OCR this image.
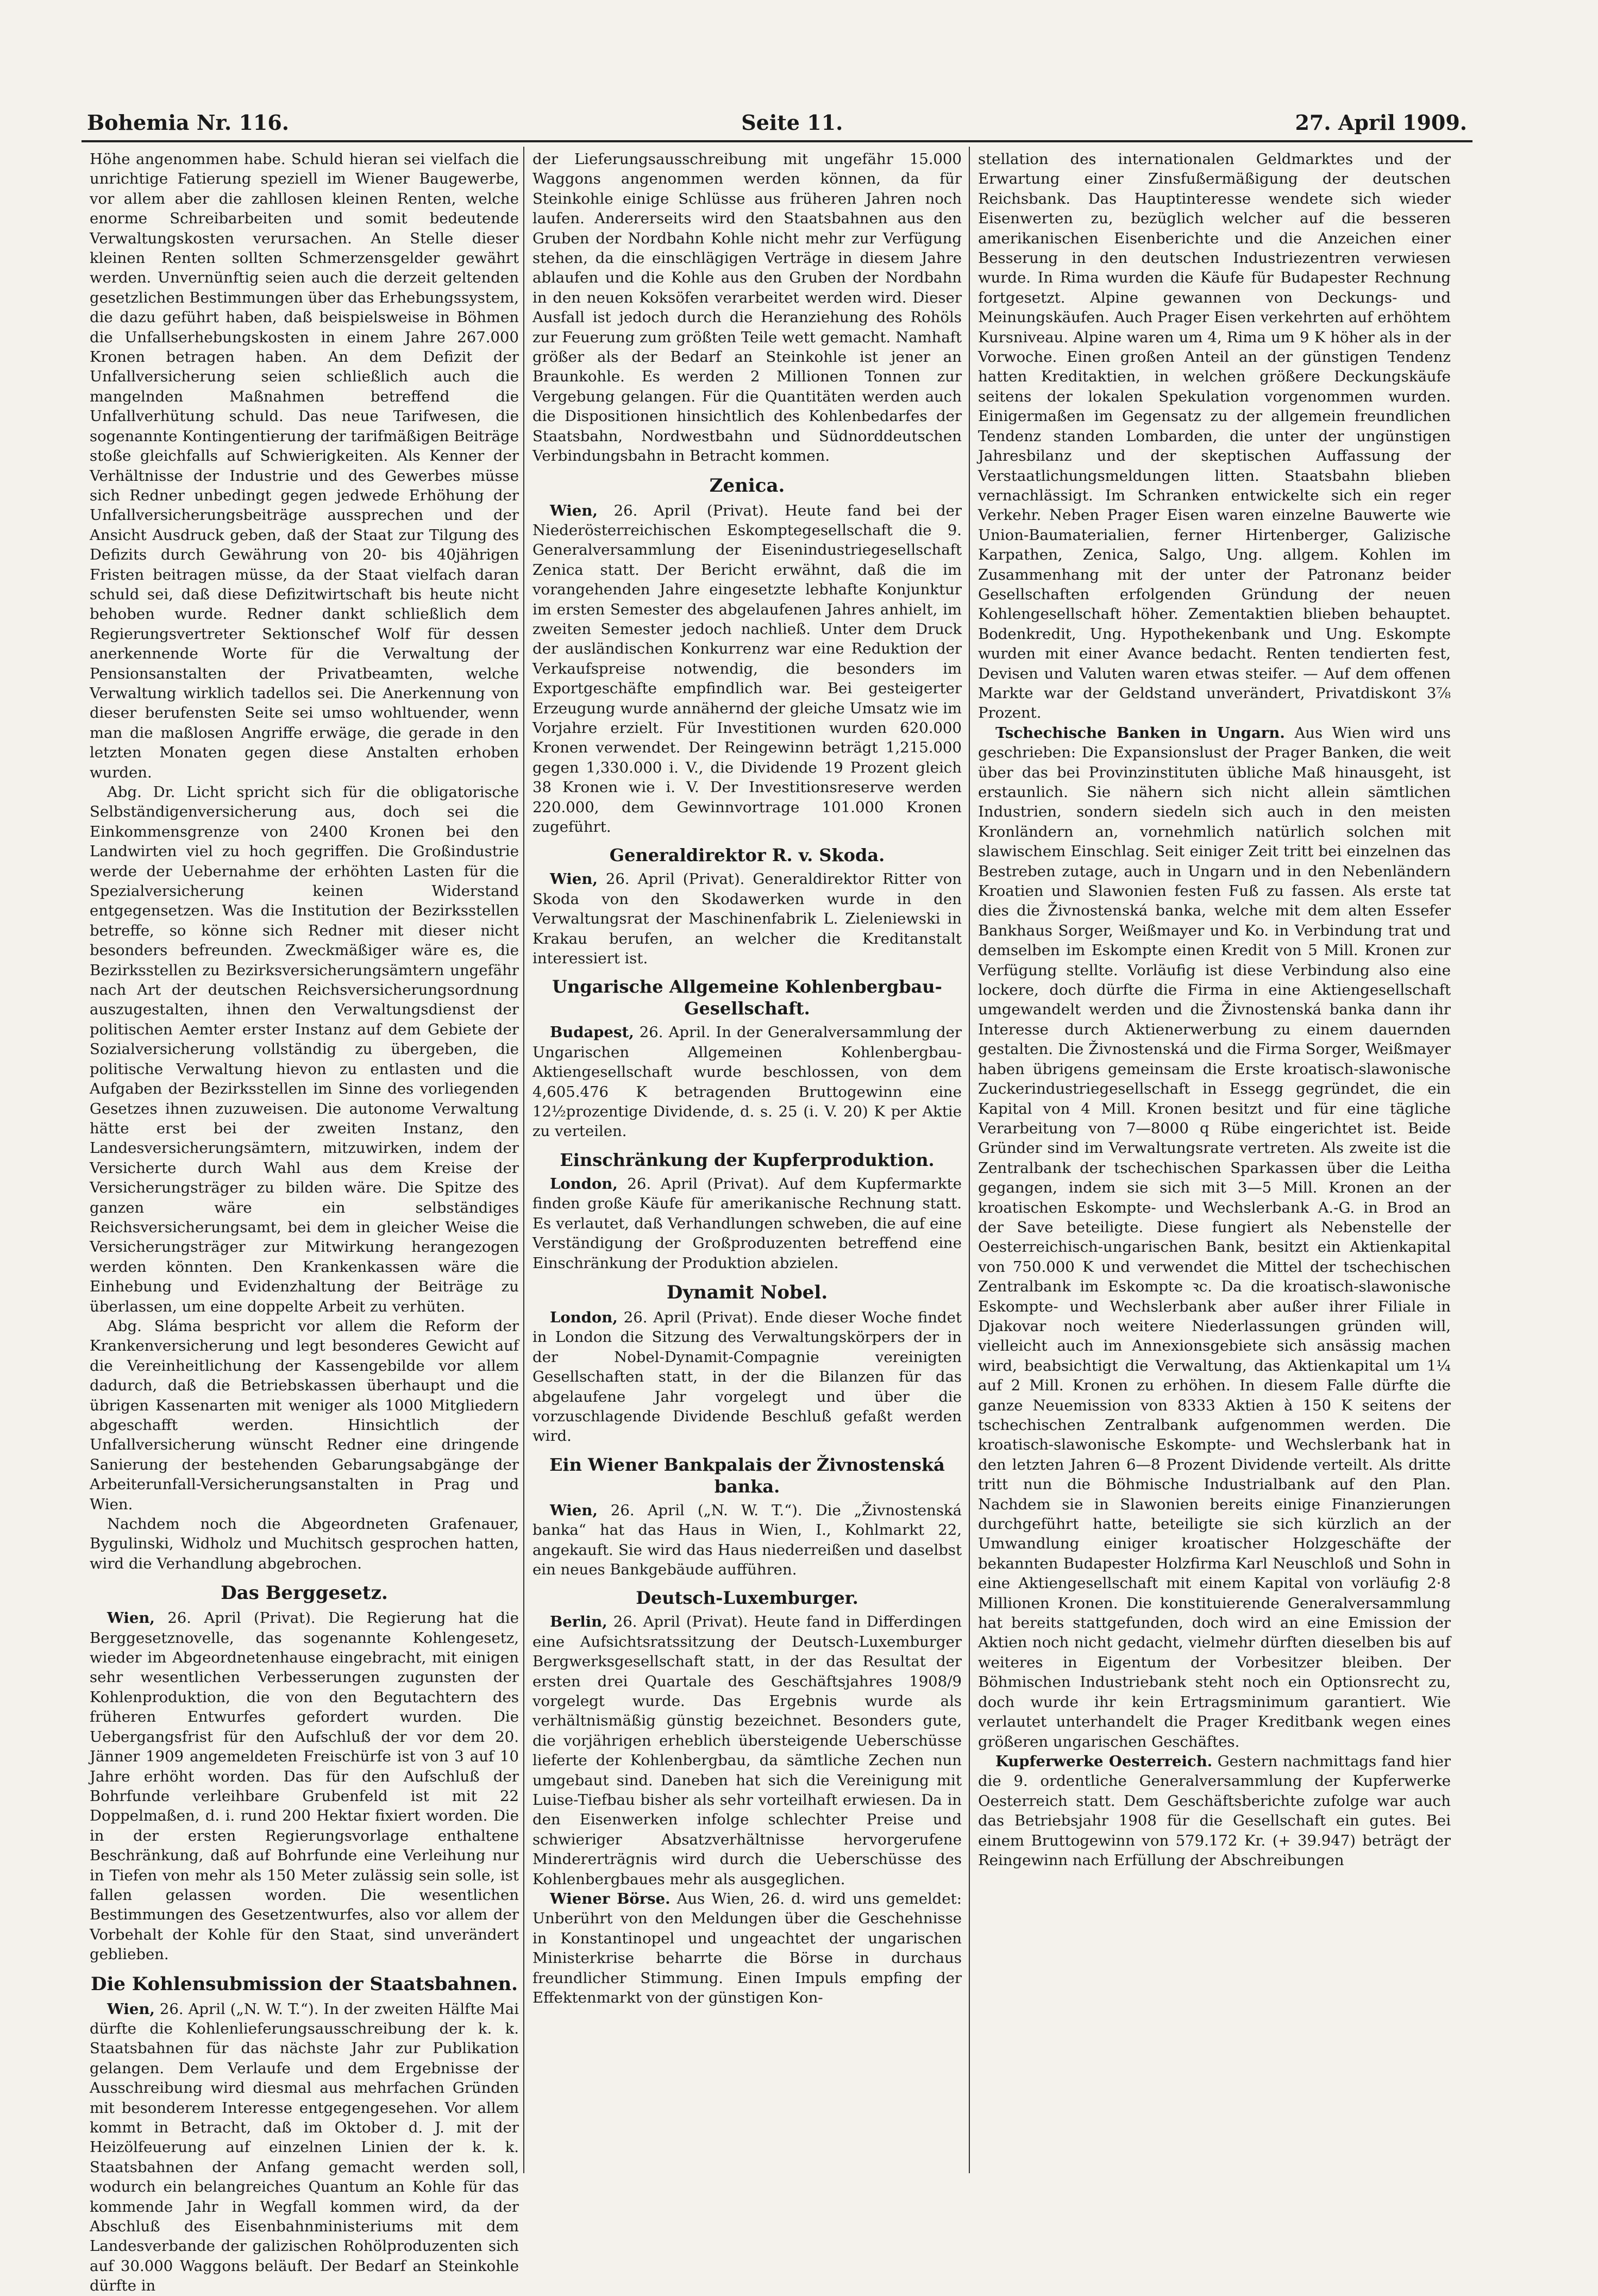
Bohemia Nr. 116.	Seite 11.	27. April 1909.

Höhe angenommen habe. Schuld hieran sei vielfach die unrichtige Fatierung speziell im Wiener Baugewerbe, vor allem aber die zahllosen kleinen Renten, welche enorme Schreibarbeiten und somit bedeutende Verwaltungskosten verursachen. An Stelle dieser kleinen Renten sollten Schmerzensgelder gewährt werden. Unvernünftig seien auch die derzeit geltenden gesetzlichen Bestimmungen über das Erhebungssystem, die dazu geführt haben, daß beispielsweise in Böhmen die Unfallserhebungskosten in einem Jahre 267.000 Kronen betragen haben. An dem Defizit der Unfallversicherung seien schließlich auch die mangelnden Maßnahmen betreffend die Unfallverhütung schuld. Das neue Tarifwesen, die sogenannte Kontingentierung der tarifmäßigen Beiträge stoße gleichfalls auf Schwierigkeiten. Als Kenner der Verhältnisse der Industrie und des Gewerbes müsse sich Redner unbedingt gegen jedwede Erhöhung der Unfallversicherungsbeiträge aussprechen und der Ansicht Ausdruck geben, daß der Staat zur Tilgung des Defizits durch Gewährung von 20- bis 40jährigen Fristen beitragen müsse, da der Staat vielfach daran schuld sei, daß diese Defizitwirtschaft bis heute nicht behoben wurde. Redner dankt schließlich dem Regierungsvertreter Sektionschef Wolf für dessen anerkennende Worte für die Verwaltung der Pensionsanstalten der Privatbeamten, welche Verwaltung wirklich tadellos sei. Die Anerkennung von dieser berufensten Seite sei umso wohltuender, wenn man die maßlosen Angriffe erwäge, die gerade in den letzten Monaten gegen diese Anstalten erhoben wurden.

Abg. Dr. Licht spricht sich für die obligatorische Selbständigenversicherung aus, doch sei die Einkommensgrenze von 2400 Kronen bei den Landwirten viel zu hoch gegriffen. Die Großindustrie werde der Uebernahme der erhöhten Lasten für die Spezialversicherung keinen Widerstand entgegensetzen. Was die Institution der Bezirksstellen betreffe, so könne sich Redner mit dieser nicht besonders befreunden. Zweckmäßiger wäre es, die Bezirksstellen zu Bezirksversicherungsämtern ungefähr nach Art der deutschen Reichsversicherungsordnung auszugestalten, ihnen den Verwaltungsdienst der politischen Aemter erster Instanz auf dem Gebiete der Sozialversicherung vollständig zu übergeben, die politische Verwaltung hievon zu entlasten und die Aufgaben der Bezirksstellen im Sinne des vorliegenden Gesetzes ihnen zuzuweisen. Die autonome Verwaltung hätte erst bei der zweiten Instanz, den Landesversicherungsämtern, mitzuwirken, indem der Versicherte durch Wahl aus dem Kreise der Versicherungsträger zu bilden wäre. Die Spitze des ganzen wäre ein selbständiges Reichsversicherungsamt, bei dem in gleicher Weise die Versicherungsträger zur Mitwirkung herangezogen werden könnten. Den Krankenkassen wäre die Einhebung und Evidenzhaltung der Beiträge zu überlassen, um eine doppelte Arbeit zu verhüten.

Abg. Sláma bespricht vor allem die Reform der Krankenversicherung und legt besonderes Gewicht auf die Vereinheitlichung der Kassengebilde vor allem dadurch, daß die Betriebskassen überhaupt und die übrigen Kassenarten mit weniger als 1000 Mitgliedern abgeschafft werden. Hinsichtlich der Unfallversicherung wünscht Redner eine dringende Sanierung der bestehenden Gebarungsabgänge der Arbeiterunfall-Versicherungsanstalten in Prag und Wien.

Nachdem noch die Abgeordneten Grafenauer, Bygulinski, Widholz und Muchitsch gesprochen hatten, wird die Verhandlung abgebrochen.

Das Berggesetz.

Wien, 26. April (Privat). Die Regierung hat die Berggesetznovelle, das sogenannte Kohlengesetz, wieder im Abgeordnetenhause eingebracht, mit einigen sehr wesentlichen Verbesserungen zugunsten der Kohlenproduktion, die von den Begutachtern des früheren Entwurfes gefordert wurden. Die Uebergangsfrist für den Aufschluß der vor dem 20. Jänner 1909 angemeldeten Freischürfe ist von 3 auf 10 Jahre erhöht worden. Das für den Aufschluß der Bohrfunde verleihbare Grubenfeld ist mit 22 Doppelmaßen, d. i. rund 200 Hektar fixiert worden. Die in der ersten Regierungsvorlage enthaltene Beschränkung, daß auf Bohrfunde eine Verleihung nur in Tiefen von mehr als 150 Meter zulässig sein solle, ist fallen gelassen worden. Die wesentlichen Bestimmungen des Gesetzentwurfes, also vor allem der Vorbehalt der Kohle für den Staat, sind unverändert geblieben.

Die Kohlensubmission der Staatsbahnen.

Wien, 26. April („N. W. T.“). In der zweiten Hälfte Mai dürfte die Kohlenlieferungsausschreibung der k. k. Staatsbahnen für das nächste Jahr zur Publikation gelangen. Dem Verlaufe und dem Ergebnisse der Ausschreibung wird diesmal aus mehrfachen Gründen mit besonderem Interesse entgegengesehen. Vor allem kommt in Betracht, daß im Oktober d. J. mit der Heizölfeuerung auf einzelnen Linien der k. k. Staatsbahnen der Anfang gemacht werden soll, wodurch ein belangreiches Quantum an Kohle für das kommende Jahr in Wegfall kommen wird, da der Abschluß des Eisenbahnministeriums mit dem Landesverbande der galizischen Rohölproduzenten sich auf 30.000 Waggons beläuft. Der Bedarf an Steinkohle dürfte in

der Lieferungsausschreibung mit ungefähr 15.000 Waggons angenommen werden können, da für Steinkohle einige Schlüsse aus früheren Jahren noch laufen. Andererseits wird den Staatsbahnen aus den Gruben der Nordbahn Kohle nicht mehr zur Verfügung stehen, da die einschlägigen Verträge in diesem Jahre ablaufen und die Kohle aus den Gruben der Nordbahn in den neuen Koksöfen verarbeitet werden wird. Dieser Ausfall ist jedoch durch die Heranziehung des Rohöls zur Feuerung zum größten Teile wett gemacht. Namhaft größer als der Bedarf an Steinkohle ist jener an Braunkohle. Es werden 2 Millionen Tonnen zur Vergebung gelangen. Für die Quantitäten werden auch die Dispositionen hinsichtlich des Kohlenbedarfes der Staatsbahn, Nordwestbahn und Südnorddeutschen Verbindungsbahn in Betracht kommen.

Zenica.

Wien, 26. April (Privat). Heute fand bei der Niederösterreichischen Eskomptegesellschaft die 9. Generalversammlung der Eisenindustriegesellschaft Zenica statt. Der Bericht erwähnt, daß die im vorangehenden Jahre eingesetzte lebhafte Konjunktur im ersten Semester des abgelaufenen Jahres anhielt, im zweiten Semester jedoch nachließ. Unter dem Druck der ausländischen Konkurrenz war eine Reduktion der Verkaufspreise notwendig, die besonders im Exportgeschäfte empfindlich war. Bei gesteigerter Erzeugung wurde annähernd der gleiche Umsatz wie im Vorjahre erzielt. Für Investitionen wurden 620.000 Kronen verwendet. Der Reingewinn beträgt 1,215.000 gegen 1,330.000 i. V., die Dividende 19 Prozent gleich 38 Kronen wie i. V. Der Investitionsreserve werden 220.000, dem Gewinnvortrage 101.000 Kronen zugeführt.

Generaldirektor R. v. Skoda.

Wien, 26. April (Privat). Generaldirektor Ritter von Skoda von den Skodawerken wurde in den Verwaltungsrat der Maschinenfabrik L. Zieleniewski in Krakau berufen, an welcher die Kreditanstalt interessiert ist.

Ungarische Allgemeine Kohlenbergbau-Gesellschaft.

Budapest, 26. April. In der Generalversammlung der Ungarischen Allgemeinen Kohlenbergbau-Aktiengesellschaft wurde beschlossen, von dem 4,605.476 K betragenden Bruttogewinn eine 12½prozentige Dividende, d. s. 25 (i. V. 20) K per Aktie zu verteilen.

Einschränkung der Kupferproduktion.

London, 26. April (Privat). Auf dem Kupfermarkte finden große Käufe für amerikanische Rechnung statt. Es verlautet, daß Verhandlungen schweben, die auf eine Verständigung der Großproduzenten betreffend eine Einschränkung der Produktion abzielen.

Dynamit Nobel.

London, 26. April (Privat). Ende dieser Woche findet in London die Sitzung des Verwaltungskörpers der in der Nobel-Dynamit-Compagnie vereinigten Gesellschaften statt, in der die Bilanzen für das abgelaufene Jahr vorgelegt und über die vorzuschlagende Dividende Beschluß gefaßt werden wird.

Ein Wiener Bankpalais der Živnostenská banka.

Wien, 26. April („N. W. T.“). Die „Živnostenská banka“ hat das Haus in Wien, I., Kohlmarkt 22, angekauft. Sie wird das Haus niederreißen und daselbst ein neues Bankgebäude aufführen.

Deutsch-Luxemburger.

Berlin, 26. April (Privat). Heute fand in Differdingen eine Aufsichtsratssitzung der Deutsch-Luxemburger Bergwerksgesellschaft statt, in der das Resultat der ersten drei Quartale des Geschäftsjahres 1908/9 vorgelegt wurde. Das Ergebnis wurde als verhältnismäßig günstig bezeichnet. Besonders gute, die vorjährigen erheblich übersteigende Ueberschüsse lieferte der Kohlenbergbau, da sämtliche Zechen nun umgebaut sind. Daneben hat sich die Vereinigung mit Luise-Tiefbau bisher als sehr vorteilhaft erwiesen. Da in den Eisenwerken infolge schlechter Preise und schwieriger Absatzverhältnisse hervorgerufene Mindererträgnis wird durch die Ueberschüsse des Kohlenbergbaues mehr als ausgeglichen.

Wiener Börse. Aus Wien, 26. d. wird uns gemeldet: Unberührt von den Meldungen über die Geschehnisse in Konstantinopel und ungeachtet der ungarischen Ministerkrise beharrte die Börse in durchaus freundlicher Stimmung. Einen Impuls empfing der Effektenmarkt von der günstigen Kon-

stellation des internationalen Geldmarktes und der Erwartung einer Zinsfußermäßigung der deutschen Reichsbank. Das Hauptinteresse wendete sich wieder Eisenwerten zu, bezüglich welcher auf die besseren amerikanischen Eisenberichte und die Anzeichen einer Besserung in den deutschen Industriezentren verwiesen wurde. In Rima wurden die Käufe für Budapester Rechnung fortgesetzt. Alpine gewannen von Deckungs- und Meinungskäufen. Auch Prager Eisen verkehrten auf erhöhtem Kursniveau. Alpine waren um 4, Rima um 9 K höher als in der Vorwoche. Einen großen Anteil an der günstigen Tendenz hatten Kreditaktien, in welchen größere Deckungskäufe seitens der lokalen Spekulation vorgenommen wurden. Einigermaßen im Gegensatz zu der allgemein freundlichen Tendenz standen Lombarden, die unter der ungünstigen Jahresbilanz und der skeptischen Auffassung der Verstaatlichungsmeldungen litten. Staatsbahn blieben vernachlässigt. Im Schranken entwickelte sich ein reger Verkehr. Neben Prager Eisen waren einzelne Bauwerte wie Union-Baumaterialien, ferner Hirtenberger, Galizische Karpathen, Zenica, Salgo, Ung. allgem. Kohlen im Zusammenhang mit der unter der Patronanz beider Gesellschaften erfolgenden Gründung der neuen Kohlengesellschaft höher. Zementaktien blieben behauptet. Bodenkredit, Ung. Hypothekenbank und Ung. Eskompte wurden mit einer Avance bedacht. Renten tendierten fest, Devisen und Valuten waren etwas steifer. — Auf dem offenen Markte war der Geldstand unverändert, Privatdiskont 3⅞ Prozent.

Tschechische Banken in Ungarn. Aus Wien wird uns geschrieben: Die Expansionslust der Prager Banken, die weit über das bei Provinzinstituten übliche Maß hinausgeht, ist erstaunlich. Sie nähern sich nicht allein sämtlichen Industrien, sondern siedeln sich auch in den meisten Kronländern an, vornehmlich natürlich solchen mit slawischem Einschlag. Seit einiger Zeit tritt bei einzelnen das Bestreben zutage, auch in Ungarn und in den Nebenländern Kroatien und Slawonien festen Fuß zu fassen. Als erste tat dies die Živnostenská banka, welche mit dem alten Essefer Bankhaus Sorger, Weißmayer und Ko. in Verbindung trat und demselben im Eskompte einen Kredit von 5 Mill. Kronen zur Verfügung stellte. Vorläufig ist diese Verbindung also eine lockere, doch dürfte die Firma in eine Aktiengesellschaft umgewandelt werden und die Živnostenská banka dann ihr Interesse durch Aktienerwerbung zu einem dauernden gestalten. Die Živnostenská und die Firma Sorger, Weißmayer haben übrigens gemeinsam die Erste kroatisch-slawonische Zuckerindustriegesellschaft in Essegg gegründet, die ein Kapital von 4 Mill. Kronen besitzt und für eine tägliche Verarbeitung von 7—8000 q Rübe eingerichtet ist. Beide Gründer sind im Verwaltungsrate vertreten. Als zweite ist die Zentralbank der tschechischen Sparkassen über die Leitha gegangen, indem sie sich mit 3—5 Mill. Kronen an der kroatischen Eskompte- und Wechslerbank A.-G. in Brod an der Save beteiligte. Diese fungiert als Nebenstelle der Oesterreichisch-ungarischen Bank, besitzt ein Aktienkapital von 750.000 K und verwendet die Mittel der tschechischen Zentralbank im Eskompte ꝛc. Da die kroatisch-slawonische Eskompte- und Wechslerbank aber außer ihrer Filiale in Djakovar noch weitere Niederlassungen gründen will, vielleicht auch im Annexionsgebiete sich ansässig machen wird, beabsichtigt die Verwaltung, das Aktienkapital um 1¼ auf 2 Mill. Kronen zu erhöhen. In diesem Falle dürfte die ganze Neuemission von 8333 Aktien à 150 K seitens der tschechischen Zentralbank aufgenommen werden. Die kroatisch-slawonische Eskompte- und Wechslerbank hat in den letzten Jahren 6—8 Prozent Dividende verteilt. Als dritte tritt nun die Böhmische Industrialbank auf den Plan. Nachdem sie in Slawonien bereits einige Finanzierungen durchgeführt hatte, beteiligte sie sich kürzlich an der Umwandlung einiger kroatischer Holzgeschäfte der bekannten Budapester Holzfirma Karl Neuschloß und Sohn in eine Aktiengesellschaft mit einem Kapital von vorläufig 2·8 Millionen Kronen. Die konstituierende Generalversammlung hat bereits stattgefunden, doch wird an eine Emission der Aktien noch nicht gedacht, vielmehr dürften dieselben bis auf weiteres in Eigentum der Vorbesitzer bleiben. Der Böhmischen Industriebank steht noch ein Optionsrecht zu, doch wurde ihr kein Ertragsminimum garantiert. Wie verlautet unterhandelt die Prager Kreditbank wegen eines größeren ungarischen Geschäftes.

Kupferwerke Oesterreich. Gestern nachmittags fand hier die 9. ordentliche Generalversammlung der Kupferwerke Oesterreich statt. Dem Geschäftsberichte zufolge war auch das Betriebsjahr 1908 für die Gesellschaft ein gutes. Bei einem Bruttogewinn von 579.172 Kr. (+ 39.947) beträgt der Reingewinn nach Erfüllung der Abschreibungen
